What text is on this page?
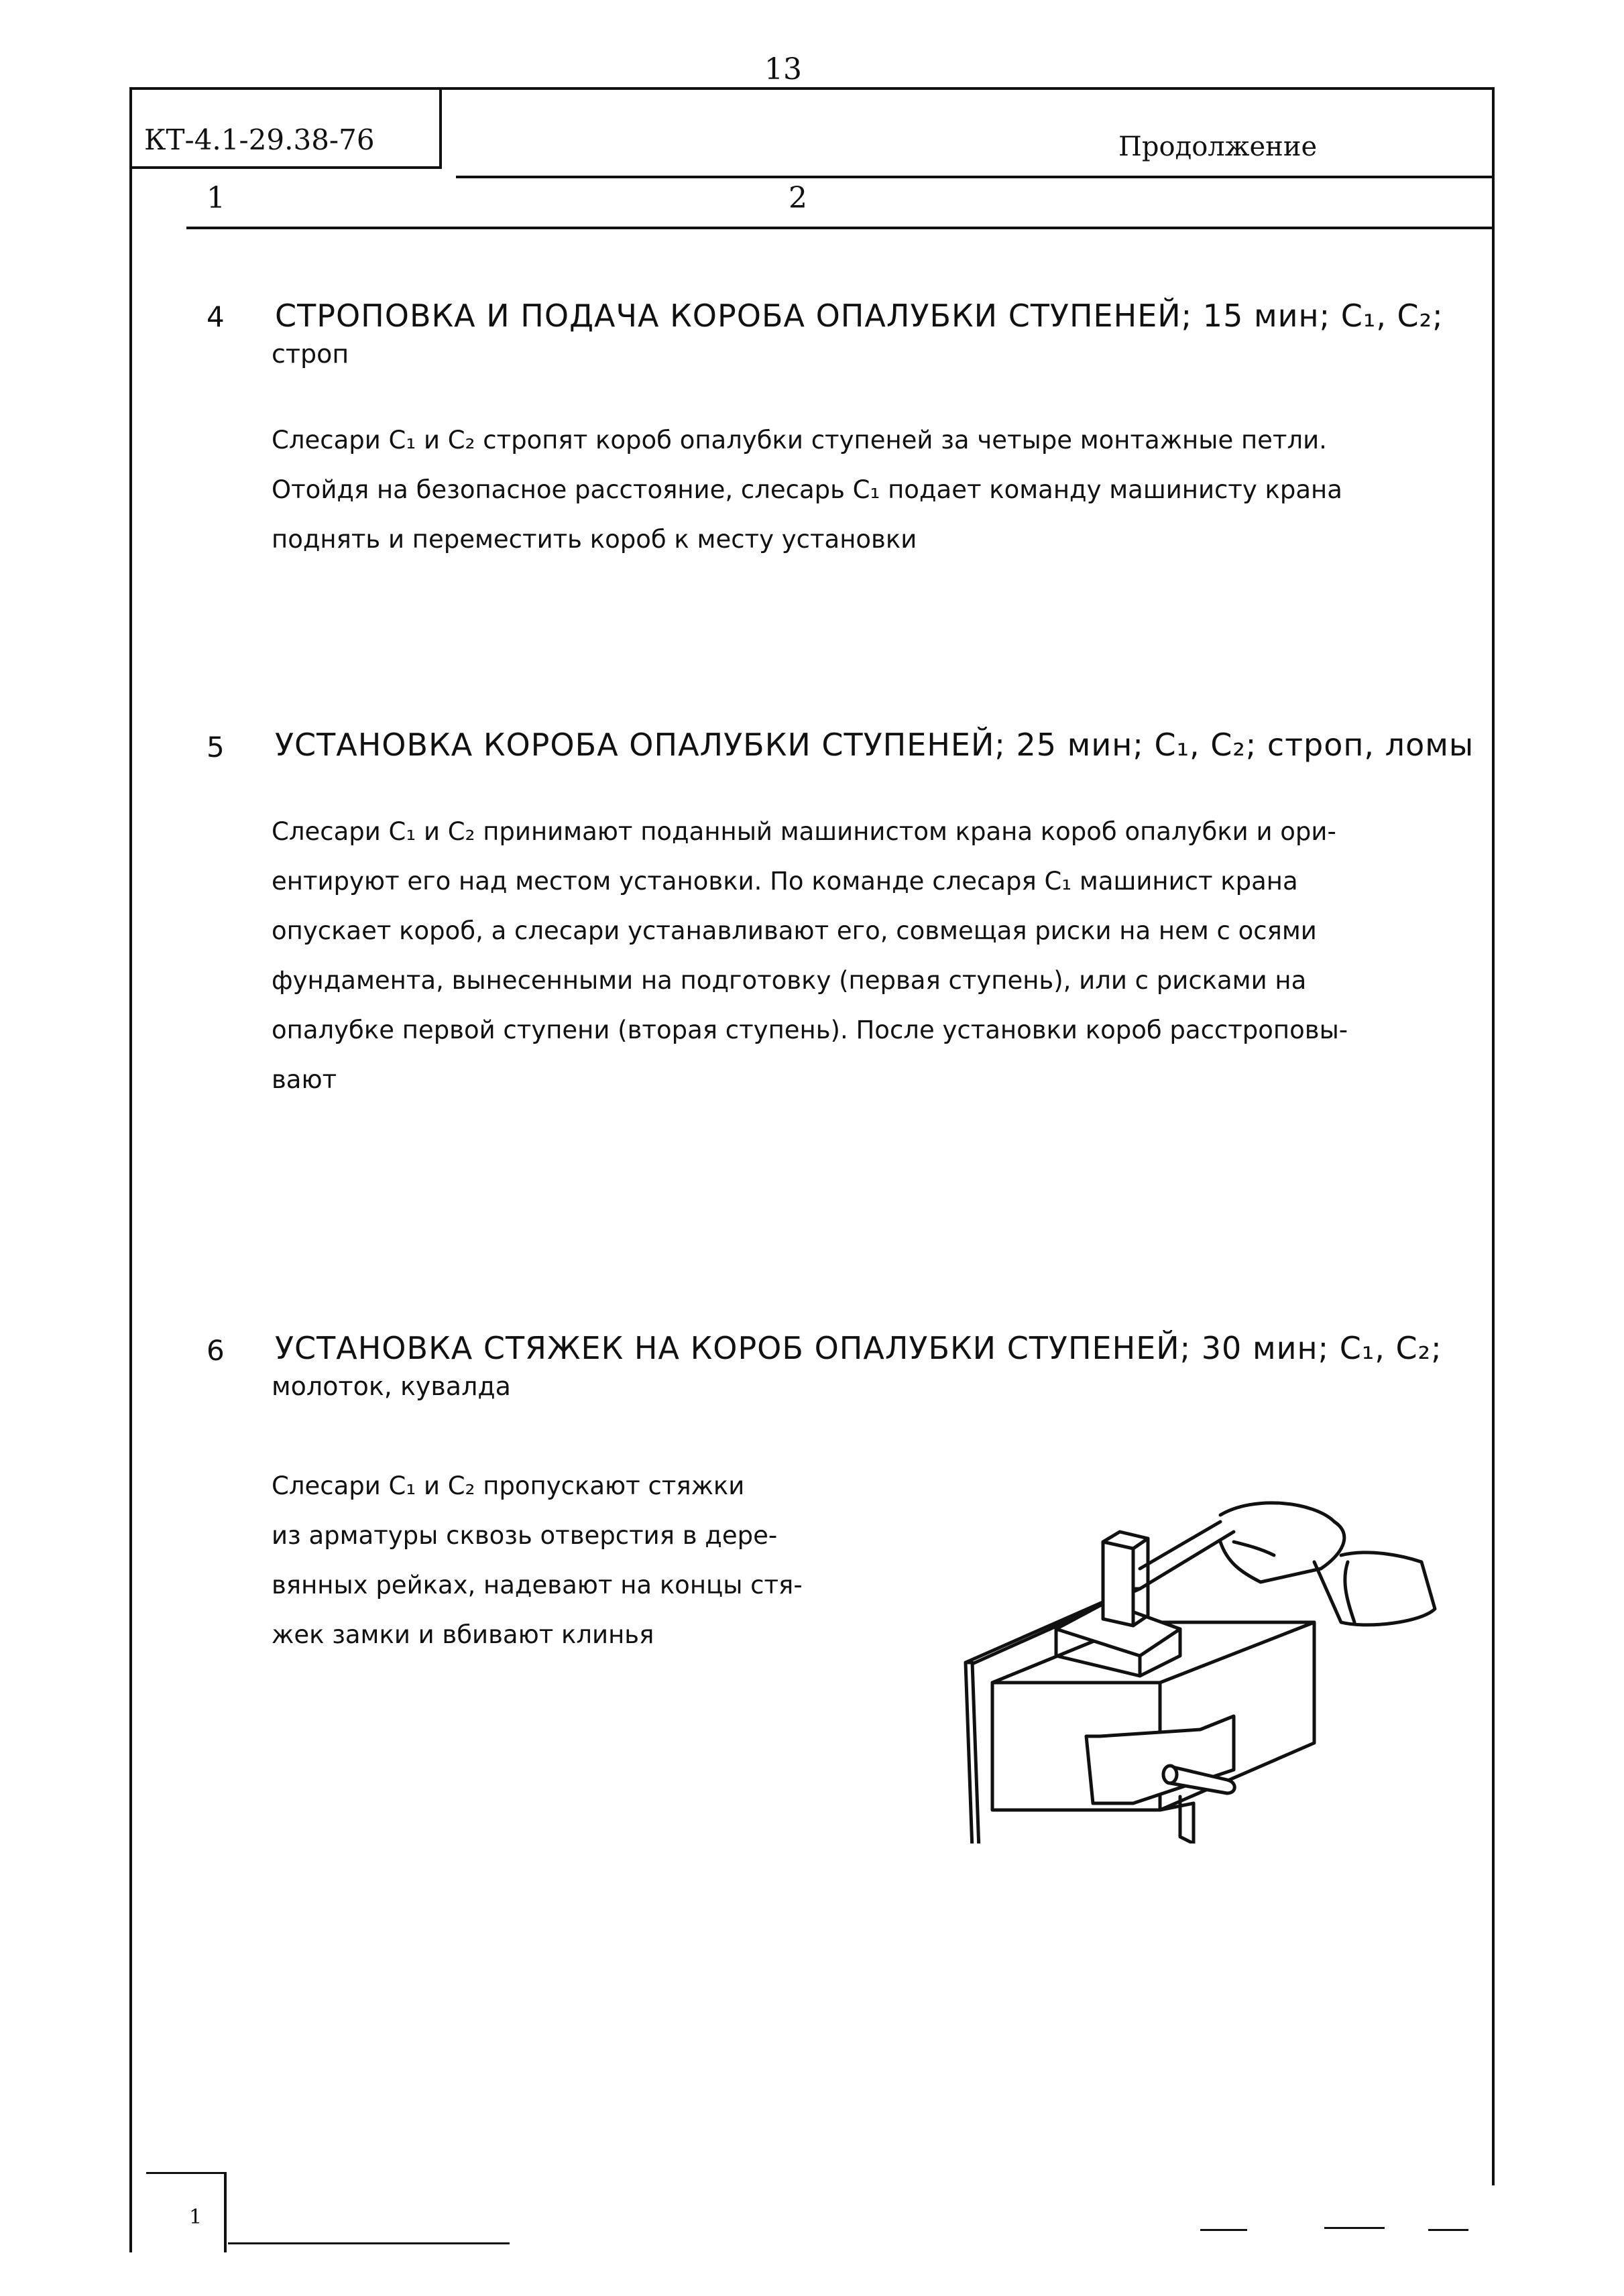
13
КТ-4.1-29.38-76	Продолжение
1	2
4 СТРОПОВКА И ПОДАЧА КОРОБА ОПАЛУБКИ СТУПЕНЕЙ; 15 мин; С₁, С₂;
строп
Слесари С₁ и С₂ стропят короб опалубки ступеней за четыре монтажные петли.
Отойдя на безопасное расстояние, слесарь С₁ подает команду машинисту крана
поднять и переместить короб к месту установки
5 УСТАНОВКА КОРОБА ОПАЛУБКИ СТУПЕНЕЙ; 25 мин; С₁, С₂; строп, ломы
Слесари С₁ и С₂ принимают поданный машинистом крана короб опалубки и ори-
ентируют его над местом установки. По команде слесаря С₁ машинист крана
опускает короб, а слесари устанавливают его, совмещая риски на нем с осями
фундамента, вынесенными на подготовку (первая ступень), или с рисками на
опалубке первой ступени (вторая ступень). После установки короб расстроповы-
вают
6 УСТАНОВКА СТЯЖЕК НА КОРОБ ОПАЛУБКИ СТУПЕНЕЙ; 30 мин; С₁, С₂;
молоток, кувалда
Слесари С₁ и С₂ пропускают стяжки
из арматуры сквозь отверстия в дере-
вянных рейках, надевают на концы стя-
жек замки и вбивают клинья
1
